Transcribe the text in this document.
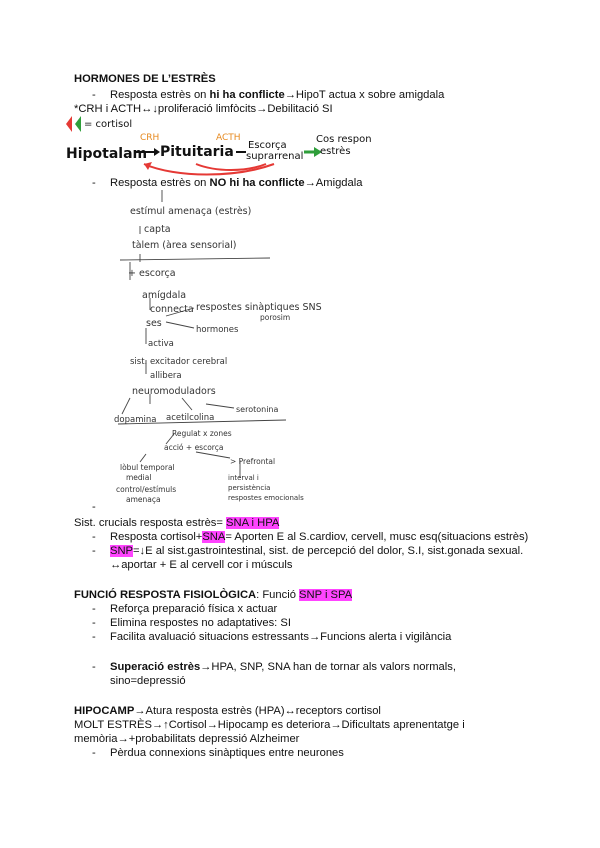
HORMONES DE L’ESTRÈS
- Resposta estrès on hi ha conflicte→HipoT actua x sobre amigdala
*CRH i ACTH↔↓proliferació limfòcits→Debilitació SI
= cortisol
Hipotalam Pituitaria Escorça
suprarrenal
Cos respon
estrès
CRH	ACTH
- Resposta estrès on NO hi ha conflicte→Amigdala
estímul amenaça (estrès)
capta
tàlem (àrea sensorial)
+ escorça
amígdala
connecta respostes sinàptiques SNS
porosim
ses
hormones
activa
sist. excitador cerebral
allibera
neuromoduladors
serotonina
dopamina acetilcolina
Regulat x zones
acció + escorça
> Prefrontal
lòbul temporal
medial	interval i
persistència
control/estímuls
amenaça	respostes emocionals
-
Sist. crucials resposta estrès= SNA i HPA
- Resposta cortisol+SNA= Aporten E al S.cardiov, cervell, musc esq(situacions estrès)
- SNP=↓E al sist.gastrointestinal, sist. de percepció del dolor, S.I, sist.gonada sexual.
↔aportar + E al cervell cor i músculs
FUNCIÓ RESPOSTA FISIOLÒGICA: Funció SNP i SPA
- Reforça preparació física x actuar
- Elimina respostes no adaptatives: SI
- Facilita avaluació situacions estressants→Funcions alerta i vigilància
- Superació estrès→HPA, SNP, SNA han de tornar als valors normals,
sino=depressió
HIPOCAMP→Atura resposta estrès (HPA)↔receptors cortisol
MOLT ESTRÈS→↑Cortisol→Hipocamp es deteriora→Dificultats aprenentatge i
memòria→+probabilitats depressió Alzheimer
- Pèrdua connexions sinàptiques entre neurones
